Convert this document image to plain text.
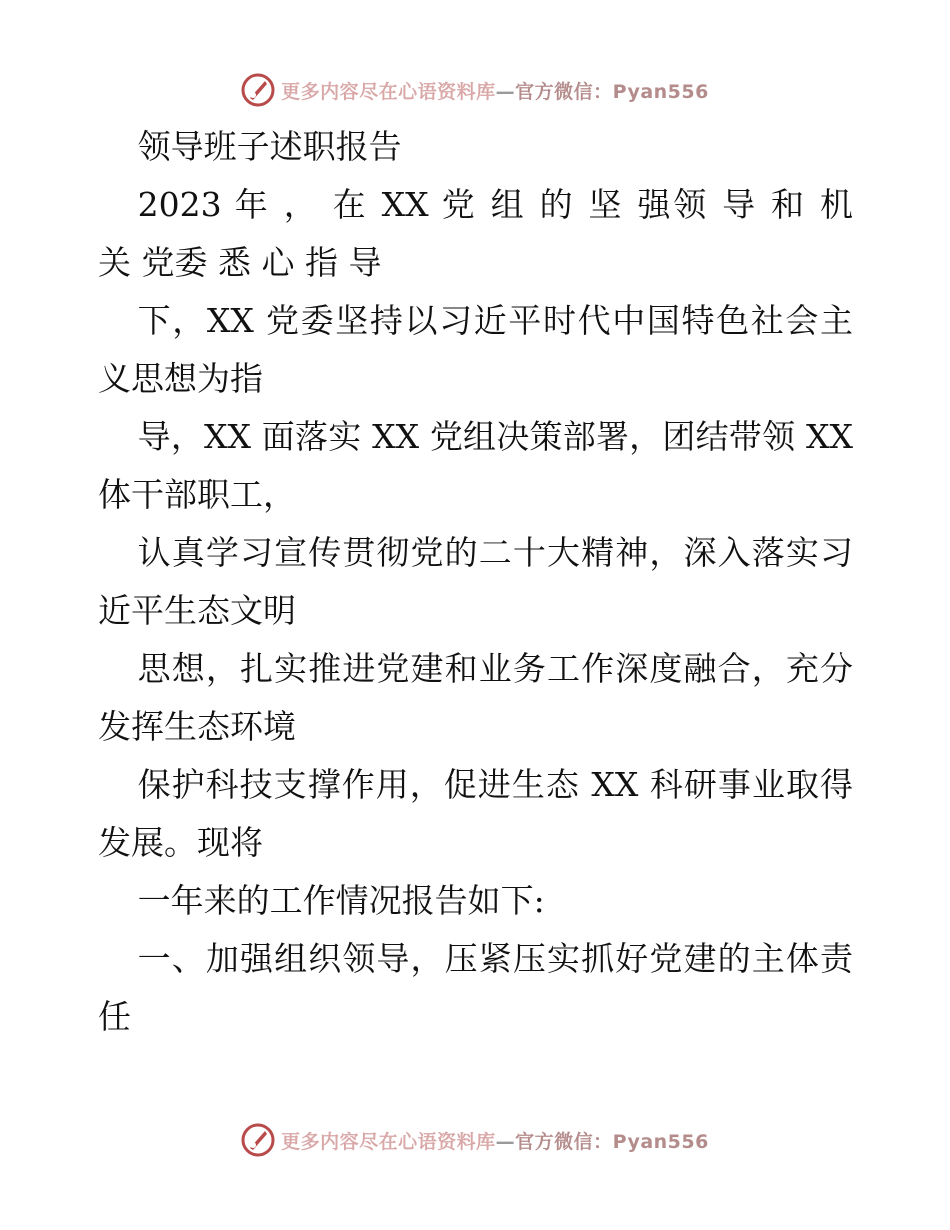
更多内容尽在心语资料库—官方微信：Pyan556

领导班子述职报告

2023 年 ， 在 XX 党 组 的 坚 强领 导 和 机

关 党委 悉 心 指 导

下，XX 党委坚持以习近平时代中国特色社会主

义思想为指

导，XX 面落实 XX 党组决策部署，团结带领 XX

体干部职工，

认真学习宣传贯彻党的二十大精神，深入落实习

近平生态文明

思想，扎实推进党建和业务工作深度融合，充分

发挥生态环境

保护科技支撑作用，促进生态 XX 科研事业取得

发展。现将

一年来的工作情况报告如下:

一、加强组织领导，压紧压实抓好党建的主体责

任

更多内容尽在心语资料库—官方微信：Pyan556
